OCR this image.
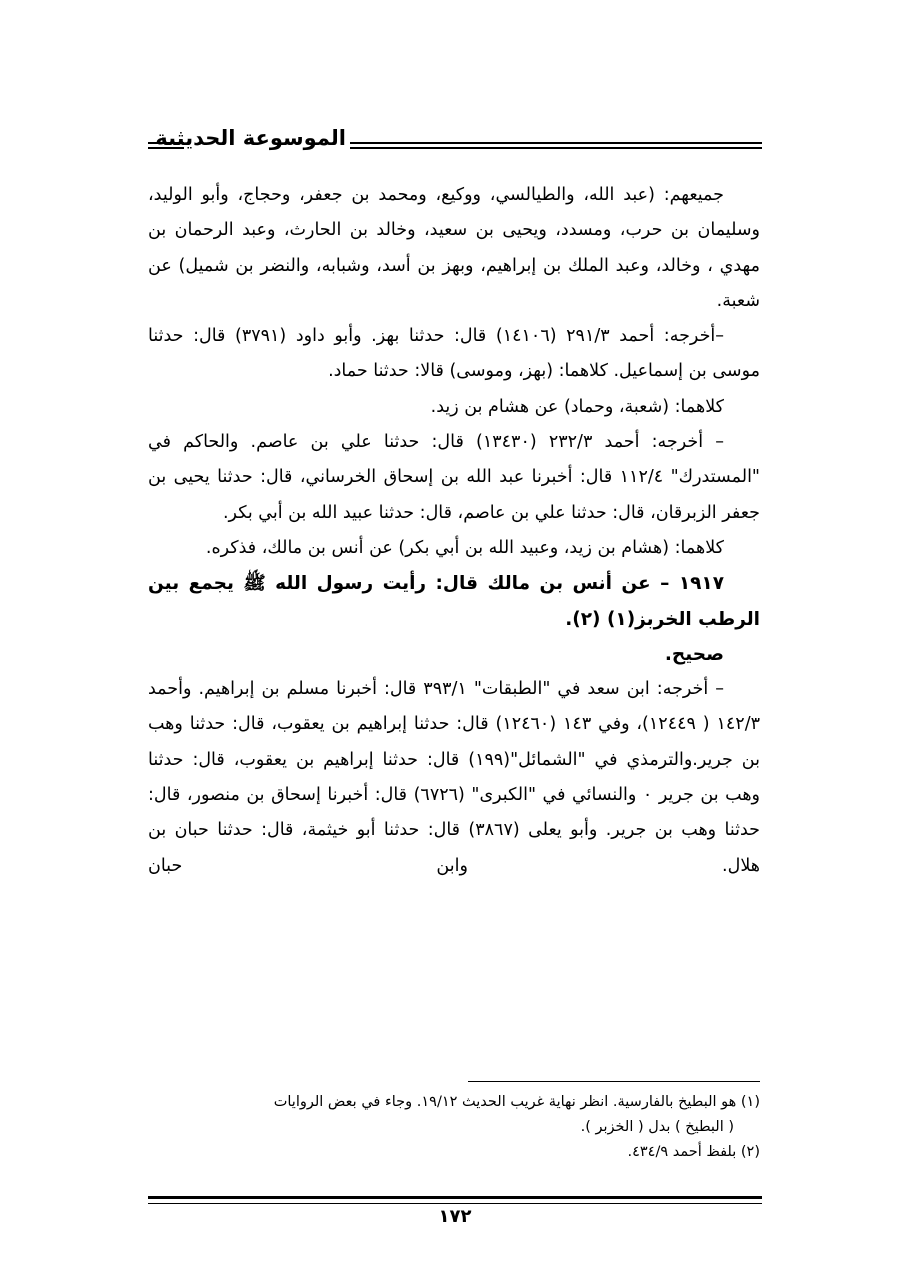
الموسوعة الحديثية

جميعهم: (عبد الله، والطيالسي، ووكيع، ومحمد بن جعفر، وحجاج، وأبو الوليد، وسليمان بن حرب، ومسدد، ويحيى بن سعيد، وخالد بن الحارث، وعبد الرحمان بن مهدي ، وخالد، وعبد الملك بن إبراهيم، وبهز بن أسد، وشبابه، والنضر بن شميل) عن شعبة.

–أخرجه: أحمد ٢٩١/٣ (١٤١٠٦) قال: حدثنا بهز. وأبو داود (٣٧٩١) قال: حدثنا موسى بن إسماعيل. كلاهما: (بهز، وموسى) قالا: حدثنا حماد.

كلاهما: (شعبة، وحماد) عن هشام بن زيد.

– أخرجه: أحمد ٢٣٢/٣ (١٣٤٣٠) قال: حدثنا علي بن عاصم. والحاكم في "المستدرك" ١١٢/٤ قال: أخبرنا عبد الله بن إسحاق الخرساني، قال: حدثنا يحيى بن جعفر الزبرقان، قال: حدثنا علي بن عاصم، قال: حدثنا عبيد الله بن أبي بكر.

كلاهما: (هشام بن زيد، وعبيد الله بن أبي بكر) عن أنس بن مالك، فذكره.

١٩١٧ – عن أنس بن مالك قال: رأيت رسول الله ﷺ يجمع بين الرطب الخربز(١) (٢).

صحيح.

– أخرجه: ابن سعد في "الطبقات" ٣٩٣/١ قال: أخبرنا مسلم بن إبراهيم. وأحمد ١٤٢/٣ ( ١٢٤٤٩)، وفي ١٤٣ (١٢٤٦٠) قال: حدثنا إبراهيم بن يعقوب، قال: حدثنا وهب بن جرير.والترمذي في "الشمائل"(١٩٩) قال: حدثنا إبراهيم بن يعقوب، قال: حدثنا وهب بن جرير ٠ والنسائي في "الكبرى" (٦٧٢٦) قال: أخبرنا إسحاق بن منصور، قال: حدثنا وهب بن جرير. وأبو يعلى (٣٨٦٧) قال: حدثنا أبو خيثمة، قال: حدثنا حبان بن هلال. وابن حبان

(١) هو البطيخ بالفارسية. انظر نهاية غريب الحديث ١٩/١٢. وجاء في بعض الروايات

( البطيخ ) بدل ( الخزبر ).

(٢) بلفظ أحمد ٤٣٤/٩.

١٧٢
